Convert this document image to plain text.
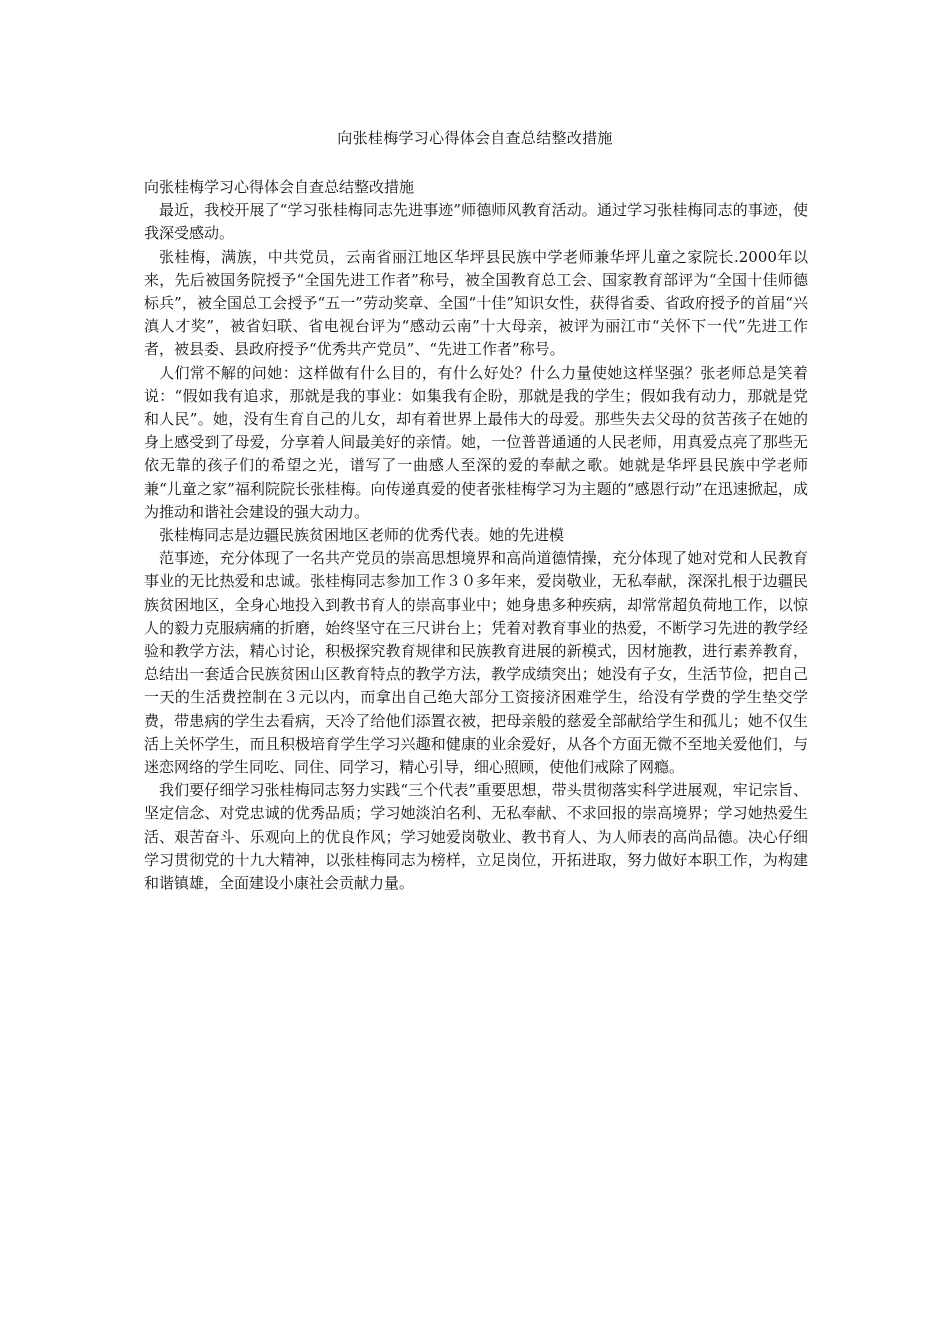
向张桂梅学习心得体会自查总结整改措施

向张桂梅学习心得体会自查总结整改措施

最近，我校开展了“学习张桂梅同志先进事迹”师德师风教育活动。通过学习张桂梅同志的事迹，使我深受感动。

张桂梅，满族，中共党员，云南省丽江地区华坪县民族中学老师兼华坪儿童之家院长.2000年以来，先后被国务院授予“全国先进工作者”称号，被全国教育总工会、国家教育部评为“全国十佳师德标兵”，被全国总工会授予“五一”劳动奖章、全国“十佳”知识女性，获得省委、省政府授予的首届“兴滇人才奖”，被省妇联、省电视台评为“感动云南”十大母亲，被评为丽江市“关怀下一代”先进工作者，被县委、县政府授予“优秀共产党员”、“先进工作者”称号。

人们常不解的问她：这样做有什么目的，有什么好处？什么力量使她这样坚强？张老师总是笑着说：“假如我有追求，那就是我的事业：如集我有企盼，那就是我的学生；假如我有动力，那就是党和人民”。她，没有生育自己的儿女，却有着世界上最伟大的母爱。那些失去父母的贫苦孩子在她的身上感受到了母爱，分享着人间最美好的亲情。她，一位普普通通的人民老师，用真爱点亮了那些无依无靠的孩子们的希望之光，谱写了一曲感人至深的爱的奉献之歌。她就是华坪县民族中学老师兼“儿童之家”福利院院长张桂梅。向传递真爱的使者张桂梅学习为主题的“感恩行动”在迅速掀起，成为推动和谐社会建设的强大动力。

张桂梅同志是边疆民族贫困地区老师的优秀代表。她的先进模

范事迹，充分体现了一名共产党员的崇高思想境界和高尚道德情操，充分体现了她对党和人民教育事业的无比热爱和忠诚。张桂梅同志参加工作３０多年来，爱岗敬业，无私奉献，深深扎根于边疆民族贫困地区，全身心地投入到教书育人的崇高事业中；她身患多种疾病，却常常超负荷地工作，以惊人的毅力克服病痛的折磨，始终坚守在三尺讲台上；凭着对教育事业的热爱，不断学习先进的教学经验和教学方法，精心讨论，积极探究教育规律和民族教育进展的新模式，因材施教，进行素养教育，总结出一套适合民族贫困山区教育特点的教学方法，教学成绩突出；她没有子女，生活节俭，把自己一天的生活费控制在３元以内，而拿出自己绝大部分工资接济困难学生，给没有学费的学生垫交学费，带患病的学生去看病，天冷了给他们添置衣被，把母亲般的慈爱全部献给学生和孤儿；她不仅生活上关怀学生，而且积极培育学生学习兴趣和健康的业余爱好，从各个方面无微不至地关爱他们，与迷恋网络的学生同吃、同住、同学习，精心引导，细心照顾，使他们戒除了网瘾。

我们要仔细学习张桂梅同志努力实践“三个代表”重要思想，带头贯彻落实科学进展观，牢记宗旨、坚定信念、对党忠诚的优秀品质；学习她淡泊名利、无私奉献、不求回报的崇高境界；学习她热爱生活、艰苦奋斗、乐观向上的优良作风；学习她爱岗敬业、教书育人、为人师表的高尚品德。决心仔细学习贯彻党的十九大精神，以张桂梅同志为榜样，立足岗位，开拓进取，努力做好本职工作，为构建和谐镇雄，全面建设小康社会贡献力量。
